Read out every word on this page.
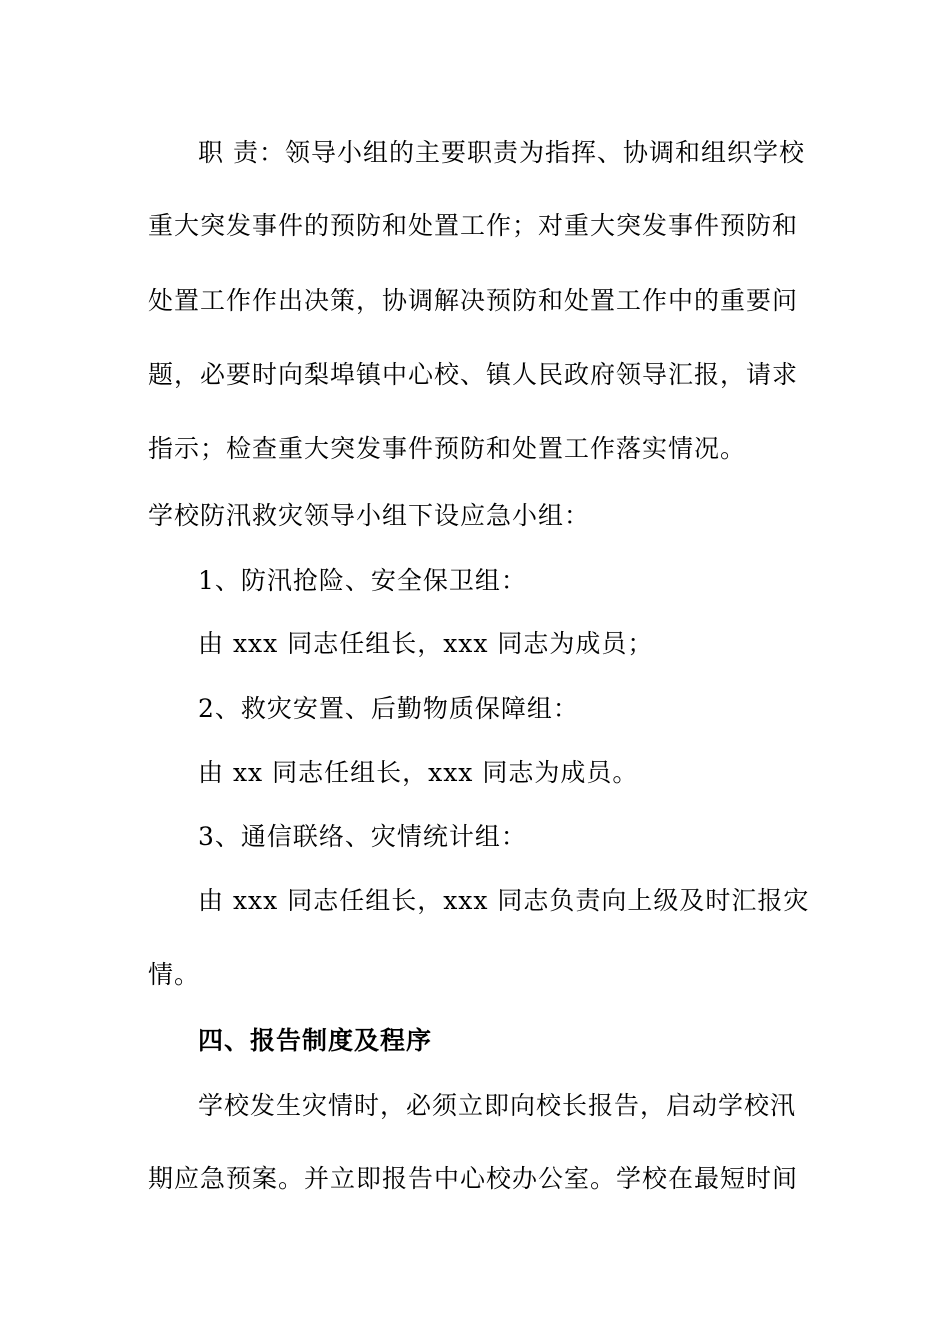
职 责：领导小组的主要职责为指挥、协调和组织学校
重大突发事件的预防和处置工作；对重大突发事件预防和
处置工作作出决策，协调解决预防和处置工作中的重要问
题，必要时向梨埠镇中心校、镇人民政府领导汇报，请求
指示；检查重大突发事件预防和处置工作落实情况。
学校防汛救灾领导小组下设应急小组：
1、防汛抢险、安全保卫组：
由 xxx 同志任组长，xxx 同志为成员；
2、救灾安置、后勤物质保障组：
由 xx 同志任组长，xxx 同志为成员。
3、通信联络、灾情统计组：
由 xxx 同志任组长，xxx 同志负责向上级及时汇报灾
情。
四、报告制度及程序
学校发生灾情时，必须立即向校长报告，启动学校汛
期应急预案。并立即报告中心校办公室。学校在最短时间
